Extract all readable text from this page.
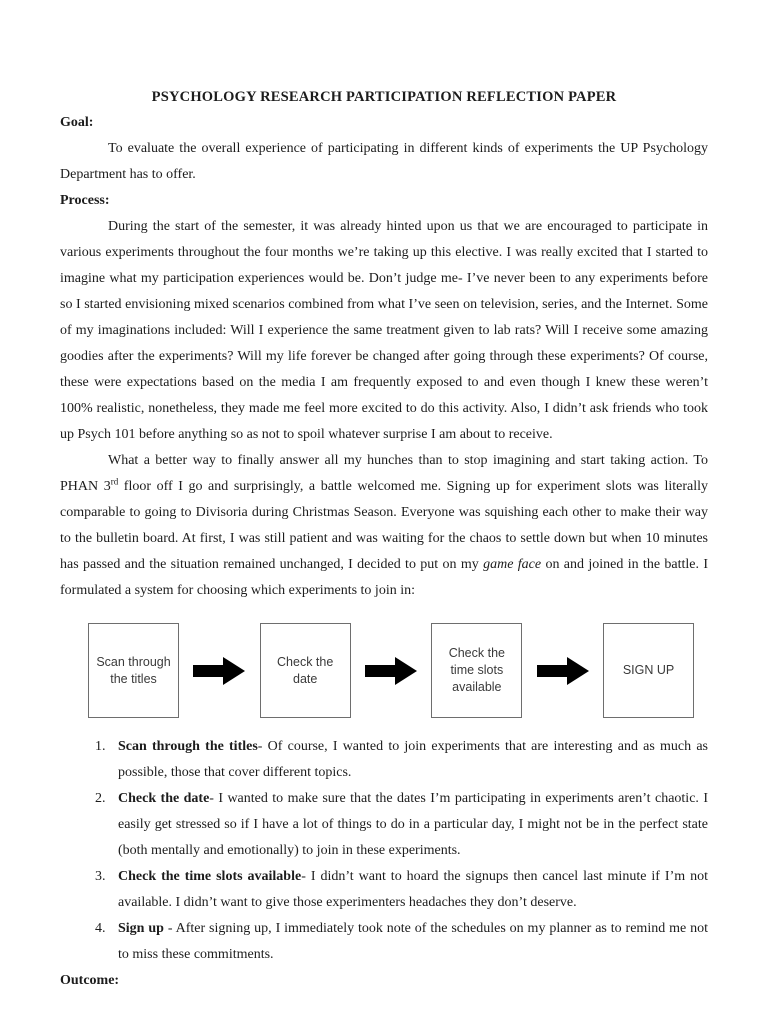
PSYCHOLOGY RESEARCH PARTICIPATION REFLECTION PAPER
Goal:

To evaluate the overall experience of participating in different kinds of experiments the UP Psychology Department has to offer.

Process:

During the start of the semester, it was already hinted upon us that we are encouraged to participate in various experiments throughout the four months we’re taking up this elective. I was really excited that I started to imagine what my participation experiences would be. Don’t judge me- I’ve never been to any experiments before so I started envisioning mixed scenarios combined from what I’ve seen on television, series, and the Internet. Some of my imaginations included: Will I experience the same treatment given to lab rats? Will I receive some amazing goodies after the experiments? Will my life forever be changed after going through these experiments? Of course, these were expectations based on the media I am frequently exposed to and even though I knew these weren’t 100% realistic, nonetheless, they made me feel more excited to do this activity. Also, I didn’t ask friends who took up Psych 101 before anything so as not to spoil whatever surprise I am about to receive.

What a better way to finally answer all my hunches than to stop imagining and start taking action. To PHAN 3rd floor off I go and surprisingly, a battle welcomed me. Signing up for experiment slots was literally comparable to going to Divisoria during Christmas Season. Everyone was squishing each other to make their way to the bulletin board. At first, I was still patient and was waiting for the chaos to settle down but when 10 minutes has passed and the situation remained unchanged, I decided to put on my game face on and joined in the battle. I formulated a system for choosing which experiments to join in:

Scan through the titles
Check the date
Check the time slots available
SIGN UP
1. Scan through the titles- Of course, I wanted to join experiments that are interesting and as much as possible, those that cover different topics.
2. Check the date- I wanted to make sure that the dates I’m participating in experiments aren’t chaotic. I easily get stressed so if I have a lot of things to do in a particular day, I might not be in the perfect state (both mentally and emotionally) to join in these experiments.
3. Check the time slots available- I didn’t want to hoard the signups then cancel last minute if I’m not available. I didn’t want to give those experimenters headaches they don’t deserve.
4. Sign up - After signing up, I immediately took note of the schedules on my planner as to remind me not to miss these commitments.
Outcome:
